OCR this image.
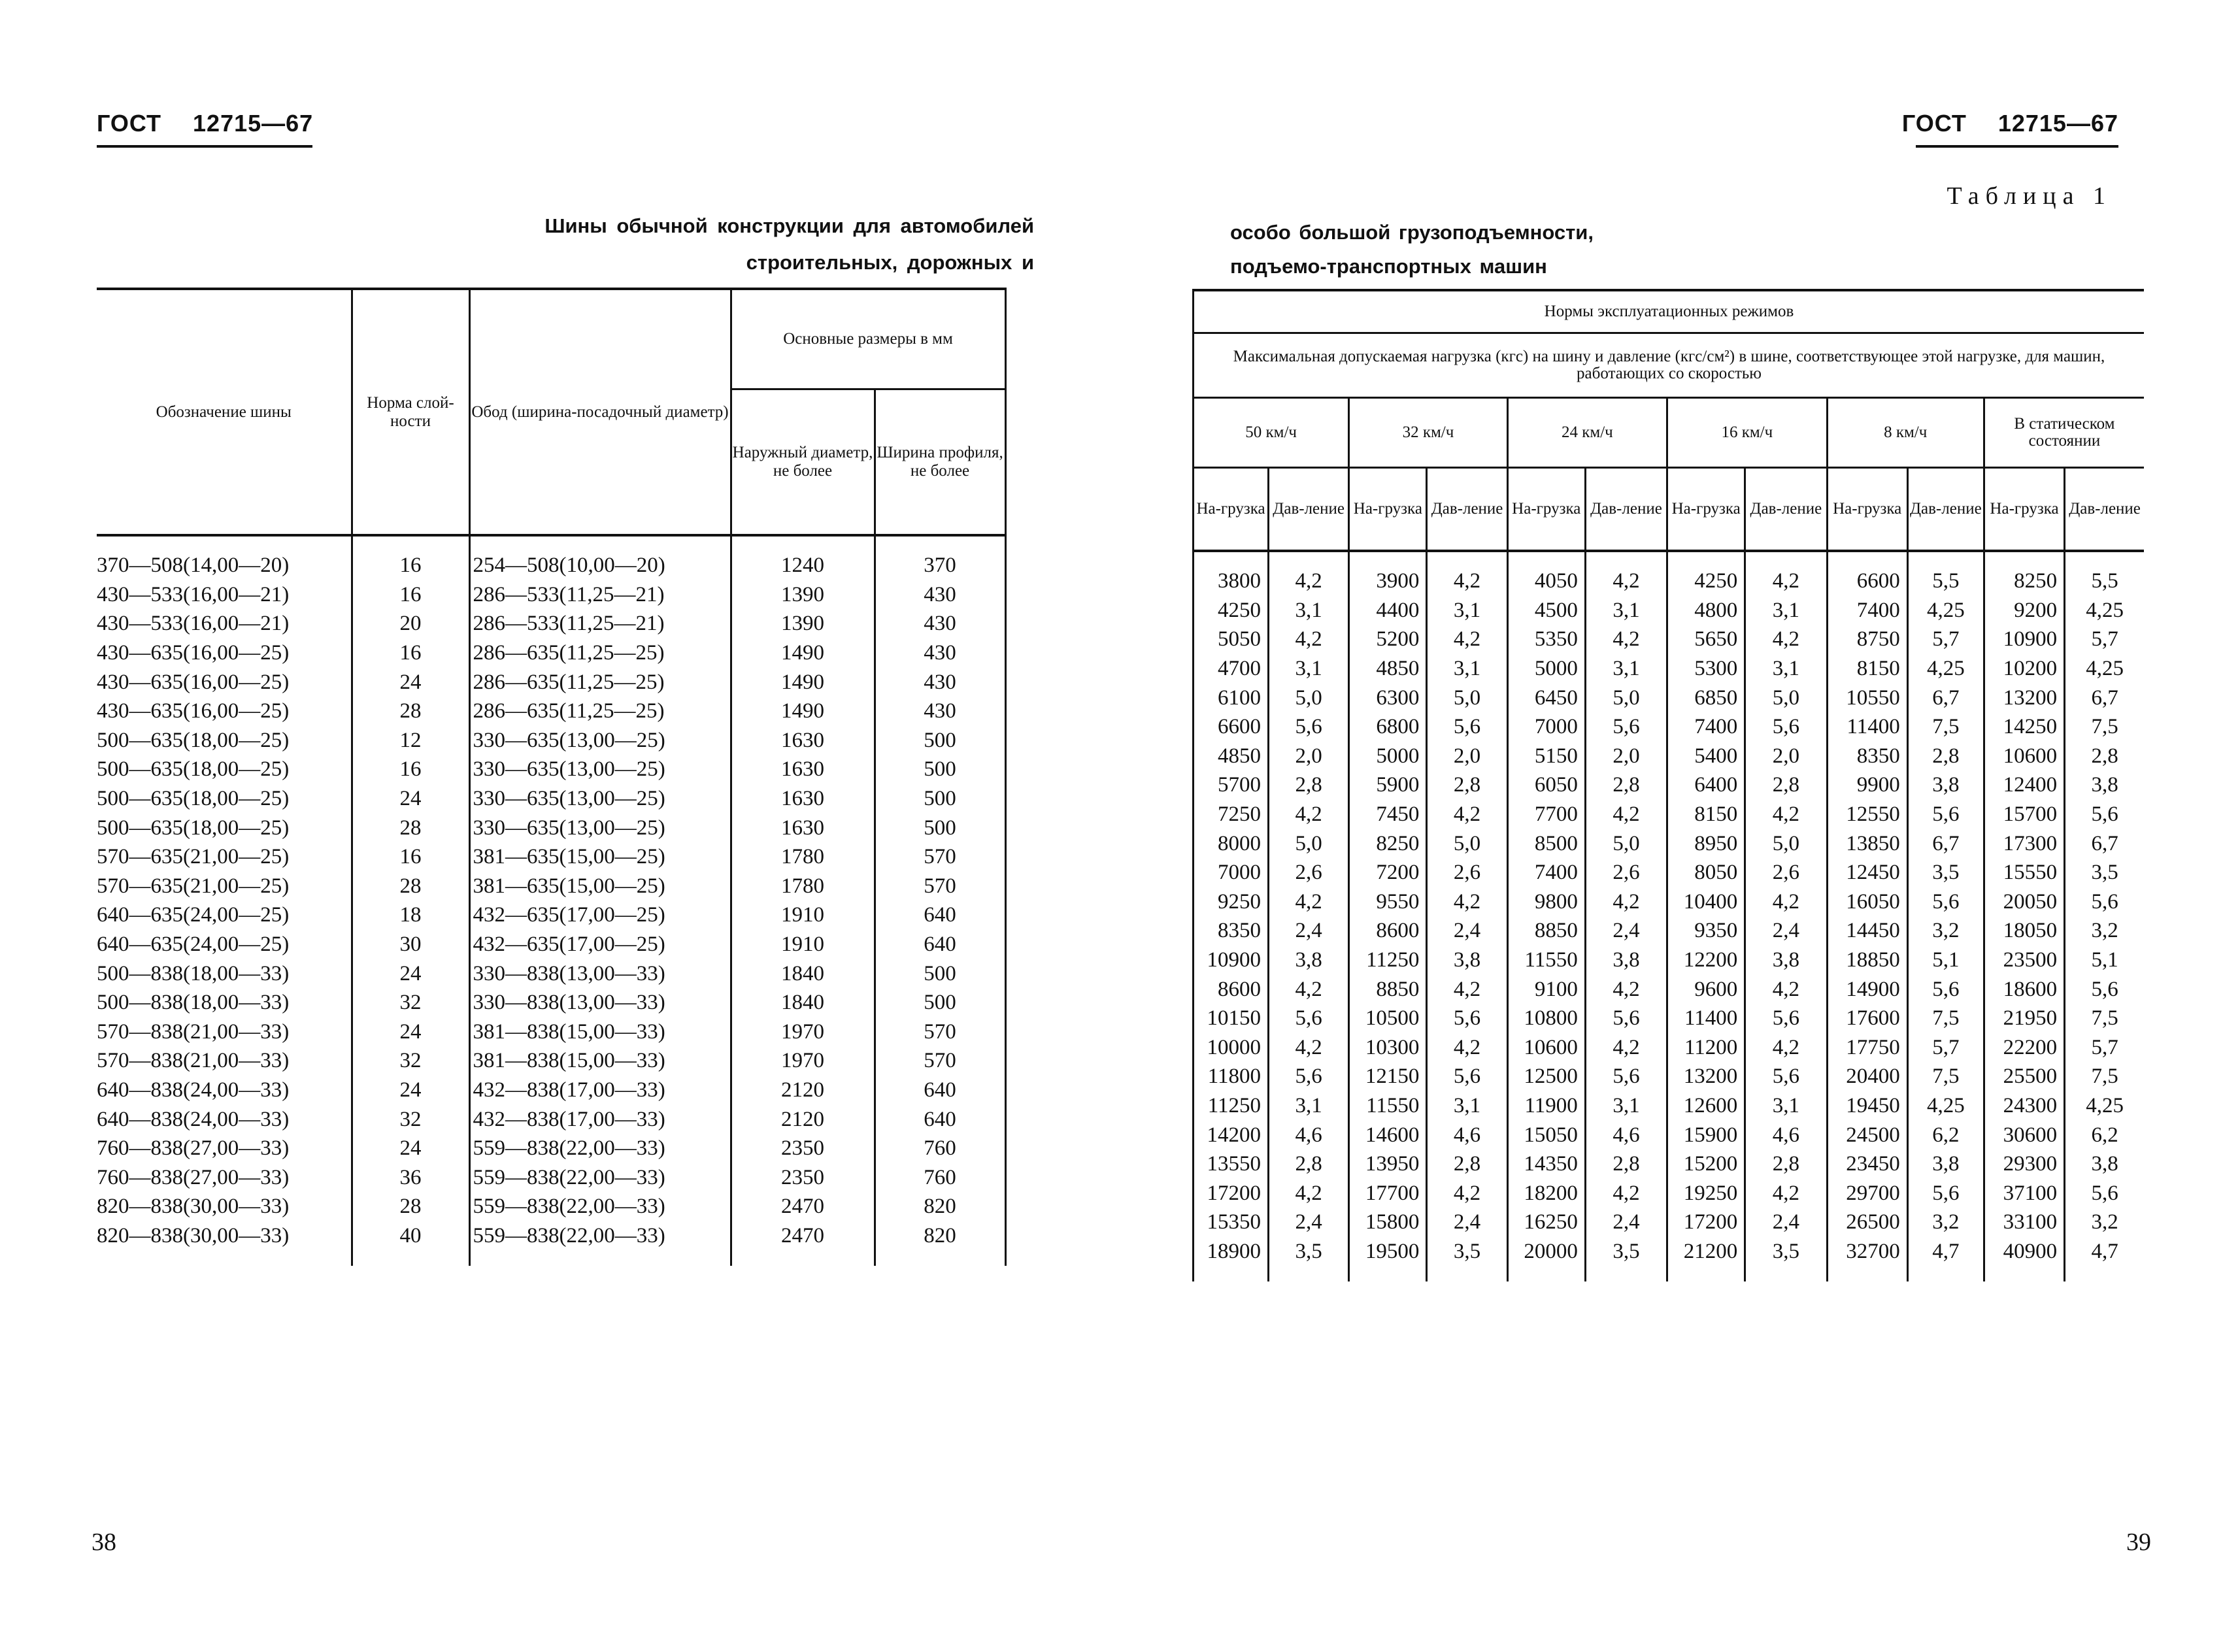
ГОСТ 12715—67
Шины обычной конструкции для автомобилей
строительных, дорожных и
Обозначение шины	Норма слой-ности	Обод (ширина-посадочный диаметр)	Основные размеры в мм	
			Наружный диаметр, не более	Ширина профиля, не более
370—508(14,00—20)	16	254—508(10,00—20)	1240	370
430—533(16,00—21)	16	286—533(11,25—21)	1390	430
430—533(16,00—21)	20	286—533(11,25—21)	1390	430
430—635(16,00—25)	16	286—635(11,25—25)	1490	430
430—635(16,00—25)	24	286—635(11,25—25)	1490	430
430—635(16,00—25)	28	286—635(11,25—25)	1490	430
500—635(18,00—25)	12	330—635(13,00—25)	1630	500
500—635(18,00—25)	16	330—635(13,00—25)	1630	500
500—635(18,00—25)	24	330—635(13,00—25)	1630	500
500—635(18,00—25)	28	330—635(13,00—25)	1630	500
570—635(21,00—25)	16	381—635(15,00—25)	1780	570
570—635(21,00—25)	28	381—635(15,00—25)	1780	570
640—635(24,00—25)	18	432—635(17,00—25)	1910	640
640—635(24,00—25)	30	432—635(17,00—25)	1910	640
500—838(18,00—33)	24	330—838(13,00—33)	1840	500
500—838(18,00—33)	32	330—838(13,00—33)	1840	500
570—838(21,00—33)	24	381—838(15,00—33)	1970	570
570—838(21,00—33)	32	381—838(15,00—33)	1970	570
640—838(24,00—33)	24	432—838(17,00—33)	2120	640
640—838(24,00—33)	32	432—838(17,00—33)	2120	640
760—838(27,00—33)	24	559—838(22,00—33)	2350	760
760—838(27,00—33)	36	559—838(22,00—33)	2350	760
820—838(30,00—33)	28	559—838(22,00—33)	2470	820
820—838(30,00—33)	40	559—838(22,00—33)	2470	820
38
ГОСТ 12715—67
Таблица 1
особо большой грузоподъемности,
подъемо-транспортных машин
Нормы эксплуатационных режимов											
Максимальная допускаемая нагрузка (кгс) на шину и давление (кгс/см²) в шине, соответствующее этой нагрузке, для машин, работающих со скоростью											
50 км/ч		32 км/ч		24 км/ч		16 км/ч		8 км/ч		В статическом состоянии	
На-грузка	Дав-ление	На-грузка	Дав-ление	На-грузка	Дав-ление	На-грузка	Дав-ление	На-грузка	Дав-ление	На-грузка	Дав-ление
3800	4,2	3900	4,2	4050	4,2	4250	4,2	6600	5,5	8250	5,5
4250	3,1	4400	3,1	4500	3,1	4800	3,1	7400	4,25	9200	4,25
5050	4,2	5200	4,2	5350	4,2	5650	4,2	8750	5,7	10900	5,7
4700	3,1	4850	3,1	5000	3,1	5300	3,1	8150	4,25	10200	4,25
6100	5,0	6300	5,0	6450	5,0	6850	5,0	10550	6,7	13200	6,7
6600	5,6	6800	5,6	7000	5,6	7400	5,6	11400	7,5	14250	7,5
4850	2,0	5000	2,0	5150	2,0	5400	2,0	8350	2,8	10600	2,8
5700	2,8	5900	2,8	6050	2,8	6400	2,8	9900	3,8	12400	3,8
7250	4,2	7450	4,2	7700	4,2	8150	4,2	12550	5,6	15700	5,6
8000	5,0	8250	5,0	8500	5,0	8950	5,0	13850	6,7	17300	6,7
7000	2,6	7200	2,6	7400	2,6	8050	2,6	12450	3,5	15550	3,5
9250	4,2	9550	4,2	9800	4,2	10400	4,2	16050	5,6	20050	5,6
8350	2,4	8600	2,4	8850	2,4	9350	2,4	14450	3,2	18050	3,2
10900	3,8	11250	3,8	11550	3,8	12200	3,8	18850	5,1	23500	5,1
8600	4,2	8850	4,2	9100	4,2	9600	4,2	14900	5,6	18600	5,6
10150	5,6	10500	5,6	10800	5,6	11400	5,6	17600	7,5	21950	7,5
10000	4,2	10300	4,2	10600	4,2	11200	4,2	17750	5,7	22200	5,7
11800	5,6	12150	5,6	12500	5,6	13200	5,6	20400	7,5	25500	7,5
11250	3,1	11550	3,1	11900	3,1	12600	3,1	19450	4,25	24300	4,25
14200	4,6	14600	4,6	15050	4,6	15900	4,6	24500	6,2	30600	6,2
13550	2,8	13950	2,8	14350	2,8	15200	2,8	23450	3,8	29300	3,8
17200	4,2	17700	4,2	18200	4,2	19250	4,2	29700	5,6	37100	5,6
15350	2,4	15800	2,4	16250	2,4	17200	2,4	26500	3,2	33100	3,2
18900	3,5	19500	3,5	20000	3,5	21200	3,5	32700	4,7	40900	4,7
39
